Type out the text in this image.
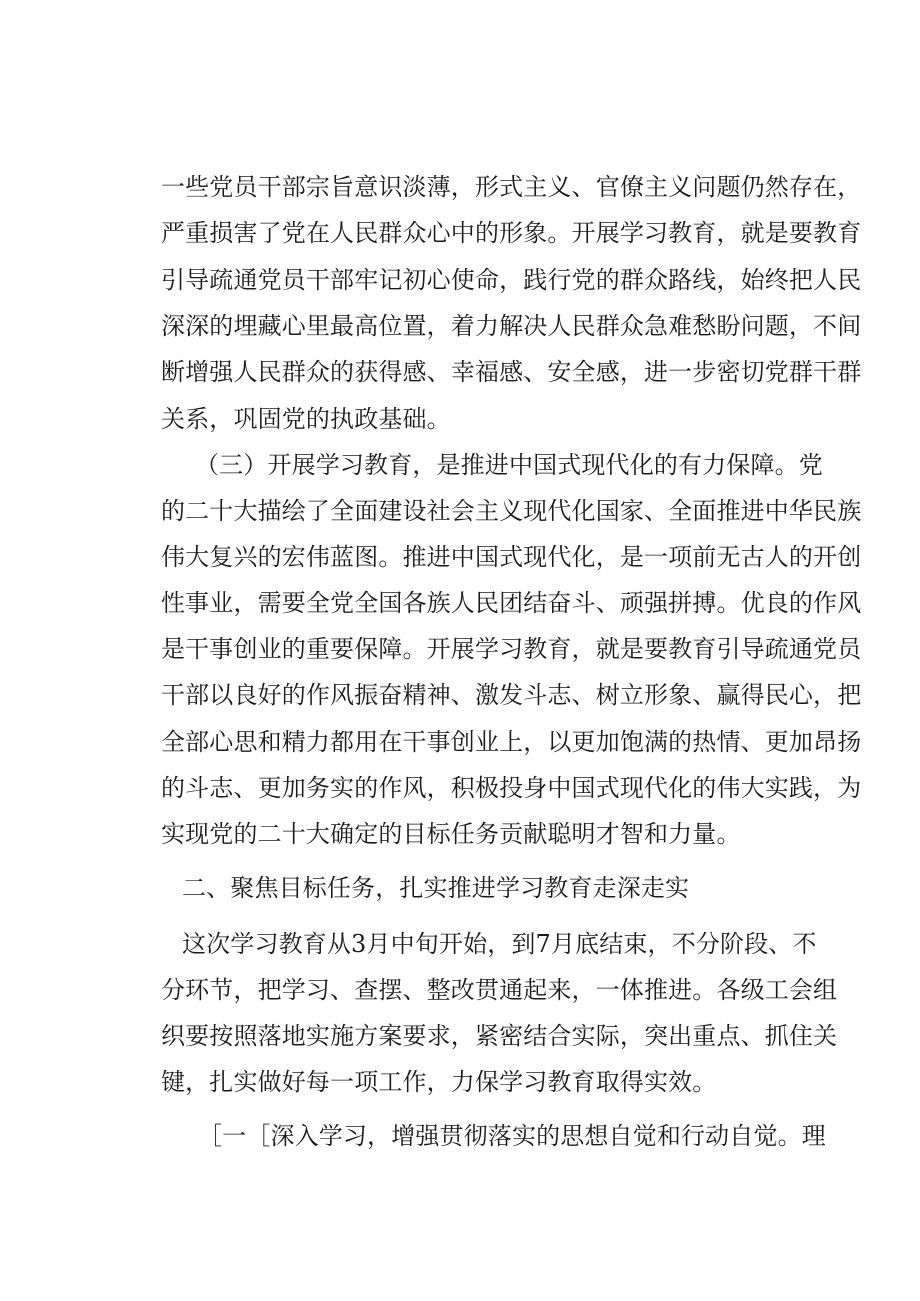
一些党员干部宗旨意识淡薄，形式主义、官僚主义问题仍然存在，
严重损害了党在人民群众心中的形象。开展学习教育，就是要教育
引导疏通党员干部牢记初心使命，践行党的群众路线，始终把人民
深深的埋藏心里最高位置，着力解决人民群众急难愁盼问题，不间
断增强人民群众的获得感、幸福感、安全感，进一步密切党群干群
关系，巩固党的执政基础。
（三）开展学习教育，是推进中国式现代化的有力保障。党
的二十大描绘了全面建设社会主义现代化国家、全面推进中华民族
伟大复兴的宏伟蓝图。推进中国式现代化，是一项前无古人的开创
性事业，需要全党全国各族人民团结奋斗、顽强拼搏。优良的作风
是干事创业的重要保障。开展学习教育，就是要教育引导疏通党员
干部以良好的作风振奋精神、激发斗志、树立形象、赢得民心，把
全部心思和精力都用在干事创业上，以更加饱满的热情、更加昂扬
的斗志、更加务实的作风，积极投身中国式现代化的伟大实践，为
实现党的二十大确定的目标任务贡献聪明才智和力量。
二、聚焦目标任务，扎实推进学习教育走深走实
这次学习教育从3月中旬开始，到7月底结束，不分阶段、不
分环节，把学习、查摆、整改贯通起来，一体推进。各级工会组
织要按照落地实施方案要求，紧密结合实际，突出重点、抓住关
键，扎实做好每一项工作，力保学习教育取得实效。
［一［深入学习，增强贯彻落实的思想自觉和行动自觉。理
